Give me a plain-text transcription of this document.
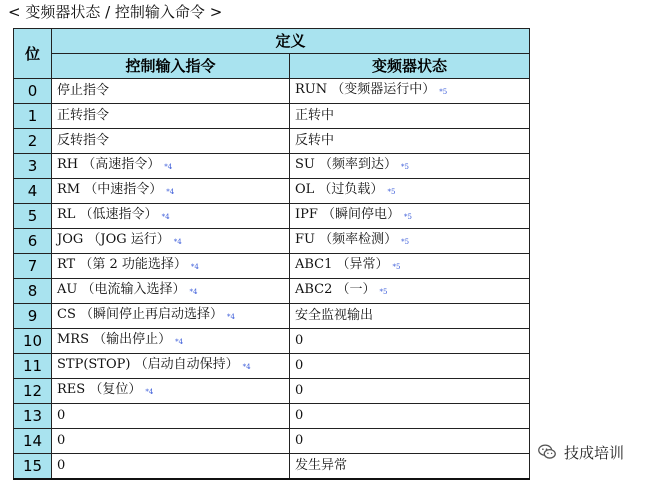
< 变频器状态 / 控制输入命令 >
位	定义	
	控制输入指令	变频器状态
0	停止指令	RUN （变频器运行中） *5
1	正转指令	正转中
2	反转指令	反转中
3	RH （高速指令） *4	SU （频率到达） *5
4	RM （中速指令） *4	OL （过负载） *5
5	RL （低速指令） *4	IPF （瞬间停电） *5
6	JOG （JOG 运行） *4	FU （频率检测） *5
7	RT （第 2 功能选择） *4	ABC1 （异常） *5
8	AU （电流输入选择） *4	ABC2 （一） *5
9	CS （瞬间停止再启动选择） *4	安全监视输出
10	MRS （输出停止） *4	0
11	STP(STOP) （启动自动保持） *4	0
12	RES （复位） *4	0
13	0	0
14	0	0
15	0	发生异常
技成培训
